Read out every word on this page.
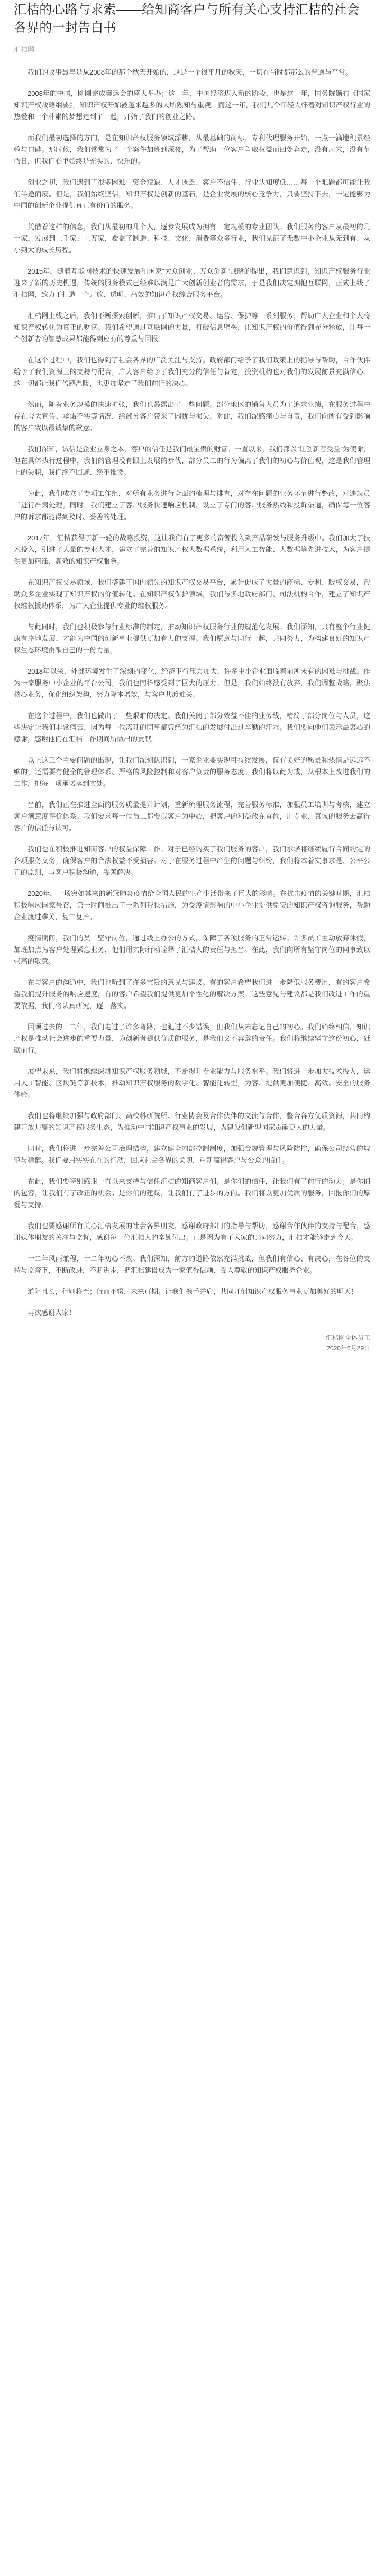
汇桔的心路与求索——给知商客户与所有关心支持汇桔的社会各界的一封告白书
汇桔网

我们的故事最早是从2008年的那个秋天开始的，这是一个很平凡的秋天，一切在当时都那么的普通与平常。

2008年的中国，刚刚完成奥运会的盛大举办；这一年，中国经济迈入新的阶段，也是这一年，国务院颁布《国家知识产权战略纲要》，知识产权开始被越来越多的人所熟知与重视。而这一年，我们几个年轻人怀着对知识产权行业的热爱和一个朴素的梦想走到了一起，开始了我们的创业之路。

而我们最初选择的方向，是在知识产权服务领域深耕，从最基础的商标、专利代理服务开始，一点一滴地积累经验与口碑。那时候，我们常常为了一个案件加班到深夜，为了帮助一位客户争取权益而四处奔走，没有周末，没有节假日，但我们心里始终是充实的、快乐的。

创业之初，我们遇到了很多困难：资金短缺、人才匮乏、客户不信任、行业认知度低……每一个难题都可能让我们半途而废。但是，我们始终坚信，知识产权是创新的基石，是企业发展的核心竞争力，只要坚持下去，一定能够为中国的创新企业提供真正有价值的服务。

凭借着这样的信念，我们从最初的几个人，逐步发展成为拥有一定规模的专业团队。我们服务的客户从最初的几十家，发展到上千家、上万家，覆盖了制造、科技、文化、消费等众多行业，我们见证了无数中小企业从无到有、从小到大的成长历程。

2015年，随着互联网技术的快速发展和国家“大众创业、万众创新”战略的提出，我们意识到，知识产权服务行业迎来了新的历史机遇，传统的服务模式已经难以满足广大创新创业者的需求，于是我们决定拥抱互联网，正式上线了汇桔网，致力于打造一个开放、透明、高效的知识产权综合服务平台。

汇桔网上线之后，我们不断探索创新，推出了知识产权交易、运营、保护等一系列服务，帮助广大企业和个人将知识产权转化为真正的财富。我们希望通过互联网的力量，打破信息壁垒，让知识产权的价值得到充分释放，让每一个创新者的智慧成果都能得到应有的尊重与回报。

在这个过程中，我们也得到了社会各界的广泛关注与支持。政府部门给予了我们政策上的指导与帮助，合作伙伴给予了我们资源上的支持与配合，广大客户给予了我们充分的信任与肯定，投资机构也对我们的发展前景充满信心。这一切都让我们倍感温暖，也更加坚定了我们前行的决心。

然而，随着业务规模的快速扩张，我们也暴露出了一些问题。部分地区的销售人员为了追求业绩，在服务过程中存在夸大宣传、承诺不实等情况，给部分客户带来了困扰与损失。对此，我们深感痛心与自责，我们向所有受到影响的客户致以最诚挚的歉意。

我们深知，诚信是企业立身之本，客户的信任是我们最宝贵的财富。一直以来，我们都以“让创新者受益”为使命，但在具体执行过程中，我们的管理没有跟上发展的步伐，部分员工的行为偏离了我们的初心与价值观，这是我们管理上的失职，我们绝不回避、绝不推诿。

为此，我们成立了专项工作组，对所有业务进行全面的梳理与排查，对存在问题的业务环节进行整改，对违规员工进行严肃处理。同时，我们建立了客户服务快速响应机制，设立了专门的客户服务热线和投诉渠道，确保每一位客户的诉求都能得到及时、妥善的处理。

2017年，汇桔获得了新一轮的战略投资，这让我们有了更多的资源投入到产品研发与服务升级中。我们加大了技术投入，引进了大量的专业人才，建立了完善的知识产权大数据系统，利用人工智能、大数据等先进技术，为客户提供更加精准、高效的知识产权服务。

在知识产权交易领域，我们搭建了国内领先的知识产权交易平台，累计促成了大量的商标、专利、版权交易，帮助众多企业实现了知识产权的价值转化。在知识产权保护领域，我们与多地政府部门、司法机构合作，建立了知识产权维权援助体系，为广大企业提供专业的维权服务。

与此同时，我们也积极参与行业标准的制定，推动知识产权服务行业的规范化发展。我们深知，只有整个行业健康有序地发展，才能为中国的创新事业提供更加有力的支撑。我们愿意与同行一起，共同努力，为构建良好的知识产权生态环境贡献自己的一份力量。

2018年以来，外部环境发生了深刻的变化，经济下行压力加大，许多中小企业面临着前所未有的困难与挑战。作为一家服务中小企业的平台公司，我们也同样感受到了巨大的压力。但是，我们始终没有放弃，我们调整战略，聚焦核心业务，优化组织架构，努力降本增效，与客户共渡难关。

在这个过程中，我们也做出了一些艰难的决定。我们关闭了部分效益不佳的业务线，精简了部分岗位与人员，这些决定让我们非常痛苦，因为每一位离开的同事都曾经为汇桔的发展付出过辛勤的汗水。我们要向他们表示最衷心的感谢，感谢他们在汇桔工作期间所做出的贡献。

以上这三个主要问题的出现，让我们深刻认识到，一家企业要实现可持续发展，仅有美好的愿景和热情是远远不够的，还需要有健全的管理体系、严格的风险控制和对客户负责的服务态度。我们将以此为戒，从根本上改进我们的工作，把每一项承诺落到实处。

当前，我们正在推进全面的服务质量提升计划，重新梳理服务流程，完善服务标准，加强员工培训与考核，建立客户满意度评价体系。我们要求每一位员工都要以客户为中心，把客户的利益放在首位，用专业、真诚的服务去赢得客户的信任与认可。

我们也在积极推进知商客户的权益保障工作。对于已经购买了我们服务的客户，我们承诺将继续履行合同约定的各项服务义务，确保客户的合法权益不受损害。对于在服务过程中产生的问题与纠纷，我们将本着实事求是、公平公正的原则，与客户积极沟通，妥善解决。

2020年，一场突如其来的新冠肺炎疫情给全国人民的生产生活带来了巨大的影响。在抗击疫情的关键时期，汇桔积极响应国家号召，第一时间推出了一系列帮扶措施，为受疫情影响的中小企业提供免费的知识产权咨询服务，帮助企业渡过难关，复工复产。

疫情期间，我们的员工坚守岗位，通过线上办公的方式，保障了各项服务的正常运转。许多员工主动放弃休假，加班加点为客户处理紧急业务，他们用实际行动诠释了汇桔人的责任与担当。在此，我们向所有坚守岗位的同事致以崇高的敬意。

在与客户的沟通中，我们也听到了许多宝贵的意见与建议。有的客户希望我们进一步降低服务费用，有的客户希望我们提升服务的响应速度，有的客户希望我们提供更加个性化的解决方案。这些意见与建议都是我们改进工作的重要依据，我们将认真研究，逐一落实。

回顾过去的十二年，我们走过了许多弯路，也犯过不少错误，但我们从未忘记自己的初心。我们始终相信，知识产权是推动社会进步的重要力量，为创新者提供优质的服务，是我们义不容辞的责任。我们将继续坚守这份初心，砥砺前行。

展望未来，我们将继续深耕知识产权服务领域，不断提升专业能力与服务水平。我们将进一步加大技术投入，运用人工智能、区块链等新技术，推动知识产权服务的数字化、智能化转型，为客户提供更加便捷、高效、安全的服务体验。

我们也将继续加强与政府部门、高校科研院所、行业协会及合作伙伴的交流与合作，整合各方优质资源，共同构建开放共赢的知识产权服务生态，为推动中国知识产权事业的发展，为建设创新型国家贡献更大的力量。

同时，我们将进一步完善公司治理结构，建立健全内部控制制度，加强合规管理与风险防控，确保公司经营的规范与稳健。我们要用实实在在的行动，回应社会各界的关切，重新赢得客户与公众的信任。

在此，我们要特别感谢一直以来支持与信任汇桔的知商客户们。是你们的信任，让我们有了前行的动力；是你们的包容，让我们有了改正的机会；是你们的建议，让我们有了进步的方向。我们将以更加优质的服务，回报你们的厚爱与支持。

我们也要感谢所有关心汇桔发展的社会各界朋友，感谢政府部门的指导与帮助，感谢合作伙伴的支持与配合，感谢媒体朋友的关注与监督，感谢每一位汇桔人的辛勤付出。正是因为有了大家的共同努力，汇桔才能够走到今天。

十二年风雨兼程，十二年初心不改。我们深知，前方的道路依然充满挑战，但我们有信心、有决心，在各位的支持与监督下，不断改进，不断进步，把汇桔建设成为一家值得信赖、受人尊敬的知识产权服务企业。

道阻且长，行则将至；行而不辍，未来可期。让我们携手并肩，共同开创知识产权服务事业更加美好的明天！

再次感谢大家！

汇桔网全体员工
2020年6月29日
